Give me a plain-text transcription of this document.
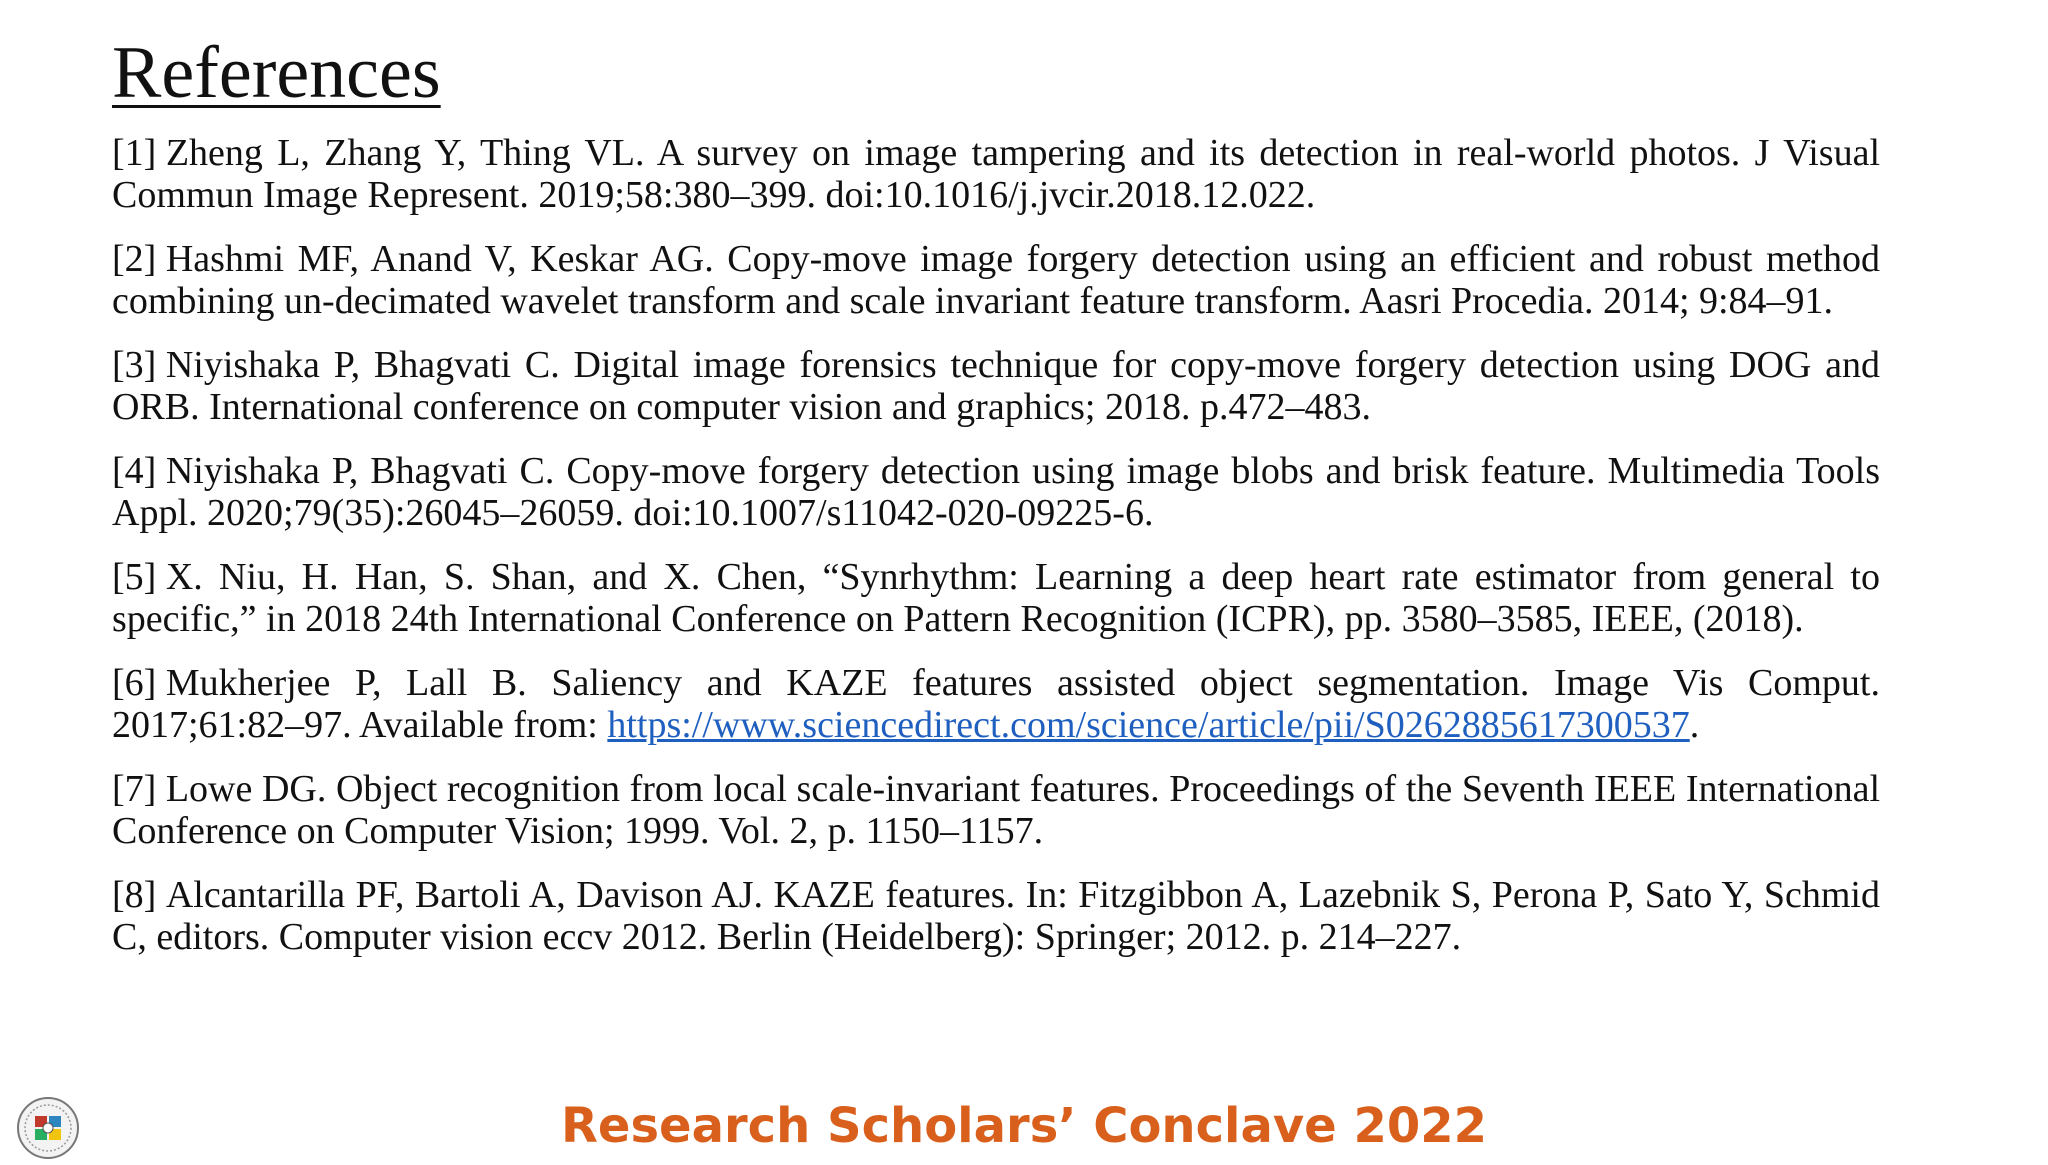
References
[1] Zheng L, Zhang Y, Thing VL. A survey on image tampering and its detection in real-world photos. J Visual Commun Image Represent. 2019;58:380–399. doi:10.1016/j.jvcir.2018.12.022.
[2] Hashmi MF, Anand V, Keskar AG. Copy-move image forgery detection using an efficient and robust method combining un-decimated wavelet transform and scale invariant feature transform. Aasri Procedia. 2014; 9:84–91.
[3] Niyishaka P, Bhagvati C. Digital image forensics technique for copy-move forgery detection using DOG and ORB. International conference on computer vision and graphics; 2018. p.472–483.
[4] Niyishaka P, Bhagvati C. Copy-move forgery detection using image blobs and brisk feature. Multimedia Tools Appl. 2020;79(35):26045–26059. doi:10.1007/s11042-020-09225-6.
[5] X. Niu, H. Han, S. Shan, and X. Chen, “Synrhythm: Learning a deep heart rate estimator from general to specific,” in 2018 24th International Conference on Pattern Recognition (ICPR), pp. 3580–3585, IEEE, (2018).
[6] Mukherjee P, Lall B. Saliency and KAZE features assisted object segmentation. Image Vis Comput. 2017;61:82–97. Available from: https://www.sciencedirect.com/science/article/pii/S0262885617300537.
[7] Lowe DG. Object recognition from local scale-invariant features. Proceedings of the Seventh IEEE International Conference on Computer Vision; 1999. Vol. 2, p. 1150–1157.
[8] Alcantarilla PF, Bartoli A, Davison AJ. KAZE features. In: Fitzgibbon A, Lazebnik S, Perona P, Sato Y, Schmid C, editors. Computer vision eccv 2012. Berlin (Heidelberg): Springer; 2012. p. 214–227.
Research Scholars’ Conclave 2022
